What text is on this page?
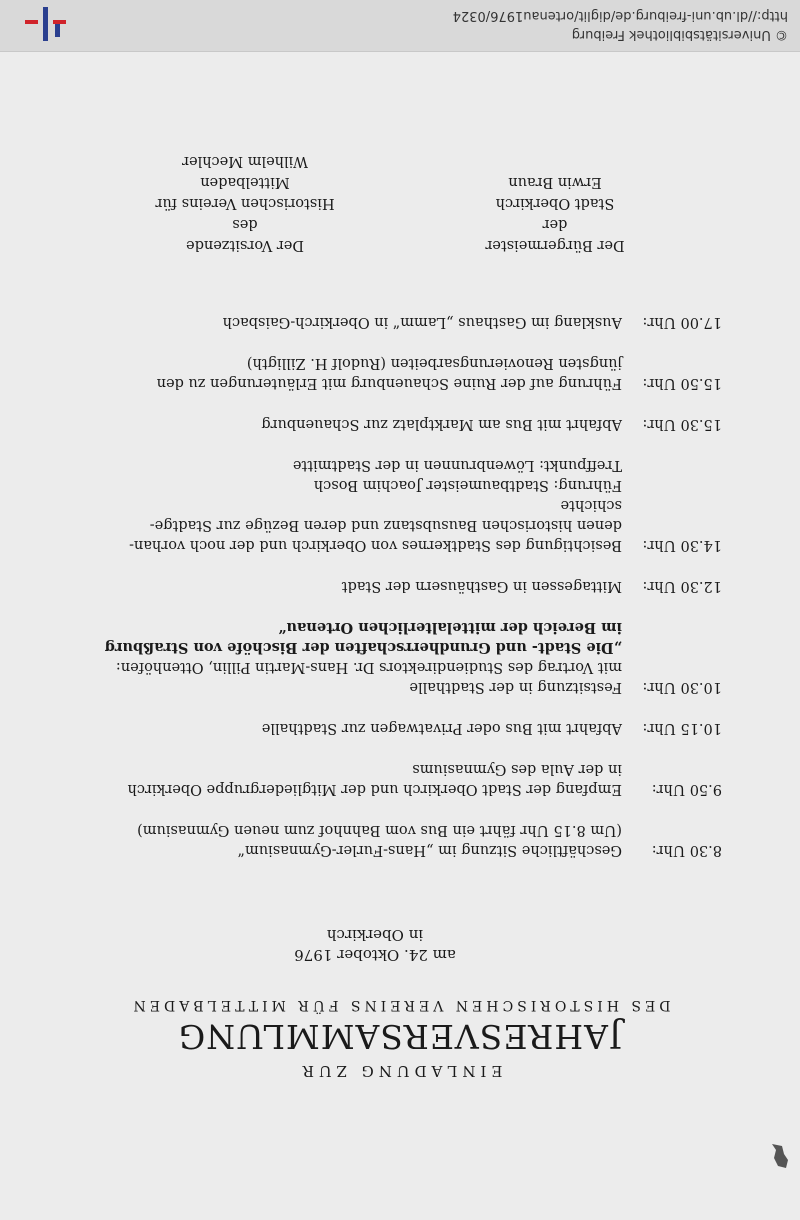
EINLADUNG ZUR

JAHRESVERSAMMLUNG

DES HISTORISCHEN VEREINS FÜR MITTELBADEN

am 24. Oktober 1976
in Oberkirch
8.30 Uhr:
Geschäftliche Sitzung im „Hans-Furler-Gymnasium“
(Um 8.15 Uhr fährt ein Bus vom Bahnhof zum neuen Gymnasium)
9.50 Uhr:
Empfang der Stadt Oberkirch und der Mitgliedergruppe Oberkirch
in der Aula des Gymnasiums
10.15 Uhr:
Abfahrt mit Bus oder Privatwagen zur Stadthalle
10.30 Uhr:
Festsitzung in der Stadthalle
mit Vortrag des Studiendirektors Dr. Hans-Martin Pillin, Ottenhöfen:
„Die Stadt- und Grundherrschaften der Bischöfe von Straßburg
im Bereich der mittelalterlichen Ortenau“
12.30 Uhr:
Mittagessen in Gasthäusern der Stadt
14.30 Uhr:
Besichtigung des Stadtkernes von Oberkirch und der noch vorhan-
denen historischen Bausubstanz und deren Bezüge zur Stadtge-
schichte
Führung: Stadtbaumeister Joachim Bosch
Treffpunkt: Löwenbrunnen in der Stadtmitte
15.30 Uhr:
Abfahrt mit Bus am Marktplatz zur Schauenburg
15.50 Uhr:
Führung auf der Ruine Schauenburg mit Erläuterungen zu den
jüngsten Renovierungsarbeiten (Rudolf H. Zilligth)
17.00 Uhr:
Ausklang im Gasthaus „Lamm“ in Oberkirch-Gaisbach
Der Bürgermeister
der
Stadt Oberkirch
Erwin Braun
Der Vorsitzende
des
Historischen Vereins für Mittelbaden
Wilhelm Mechler
http://dl.ub.uni-freiburg.de/diglit/ortenau1976/0324
© Universitätsbibliothek Freiburg
